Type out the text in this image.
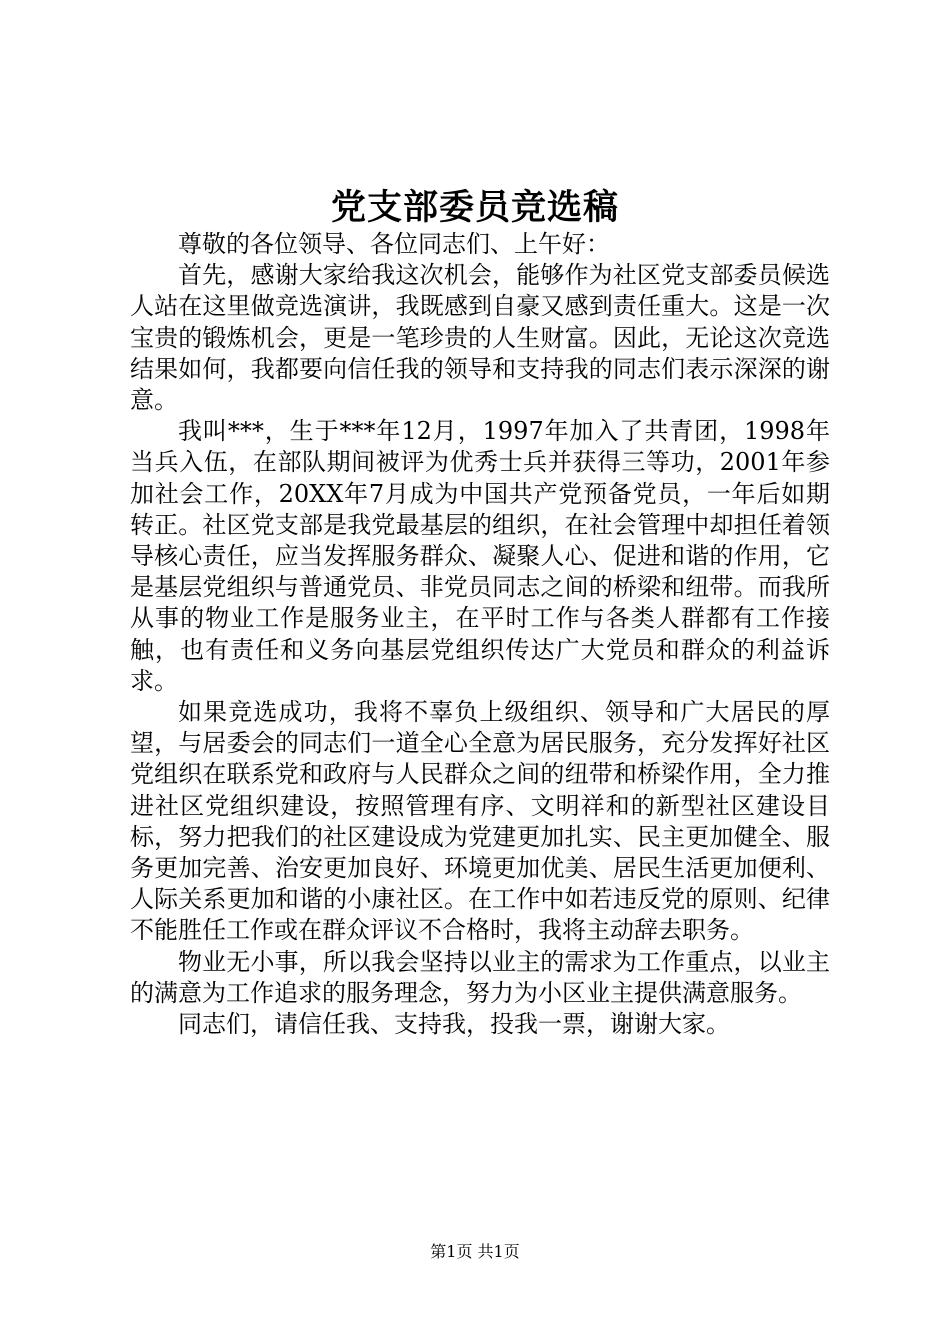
党支部委员竞选稿

尊敬的各位领导、各位同志们、上午好：

首先，感谢大家给我这次机会，能够作为社区党支部委员候选人站在这里做竞选演讲，我既感到自豪又感到责任重大。这是一次宝贵的锻炼机会，更是一笔珍贵的人生财富。因此，无论这次竞选结果如何，我都要向信任我的领导和支持我的同志们表示深深的谢意。

我叫***，生于***年12月，1997年加入了共青团，1998年当兵入伍，在部队期间被评为优秀士兵并获得三等功，2001年参加社会工作，20XX年7月成为中国共产党预备党员，一年后如期转正。社区党支部是我党最基层的组织，在社会管理中却担任着领导核心责任，应当发挥服务群众、凝聚人心、促进和谐的作用，它是基层党组织与普通党员、非党员同志之间的桥梁和纽带。而我所从事的物业工作是服务业主，在平时工作与各类人群都有工作接触，也有责任和义务向基层党组织传达广大党员和群众的利益诉求。

如果竞选成功，我将不辜负上级组织、领导和广大居民的厚望，与居委会的同志们一道全心全意为居民服务，充分发挥好社区党组织在联系党和政府与人民群众之间的纽带和桥梁作用，全力推进社区党组织建设，按照管理有序、文明祥和的新型社区建设目标，努力把我们的社区建设成为党建更加扎实、民主更加健全、服务更加完善、治安更加良好、环境更加优美、居民生活更加便利、人际关系更加和谐的小康社区。在工作中如若违反党的原则、纪律不能胜任工作或在群众评议不合格时，我将主动辞去职务。

物业无小事，所以我会坚持以业主的需求为工作重点，以业主的满意为工作追求的服务理念，努力为小区业主提供满意服务。

同志们，请信任我、支持我，投我一票，谢谢大家。

第1页 共1页
